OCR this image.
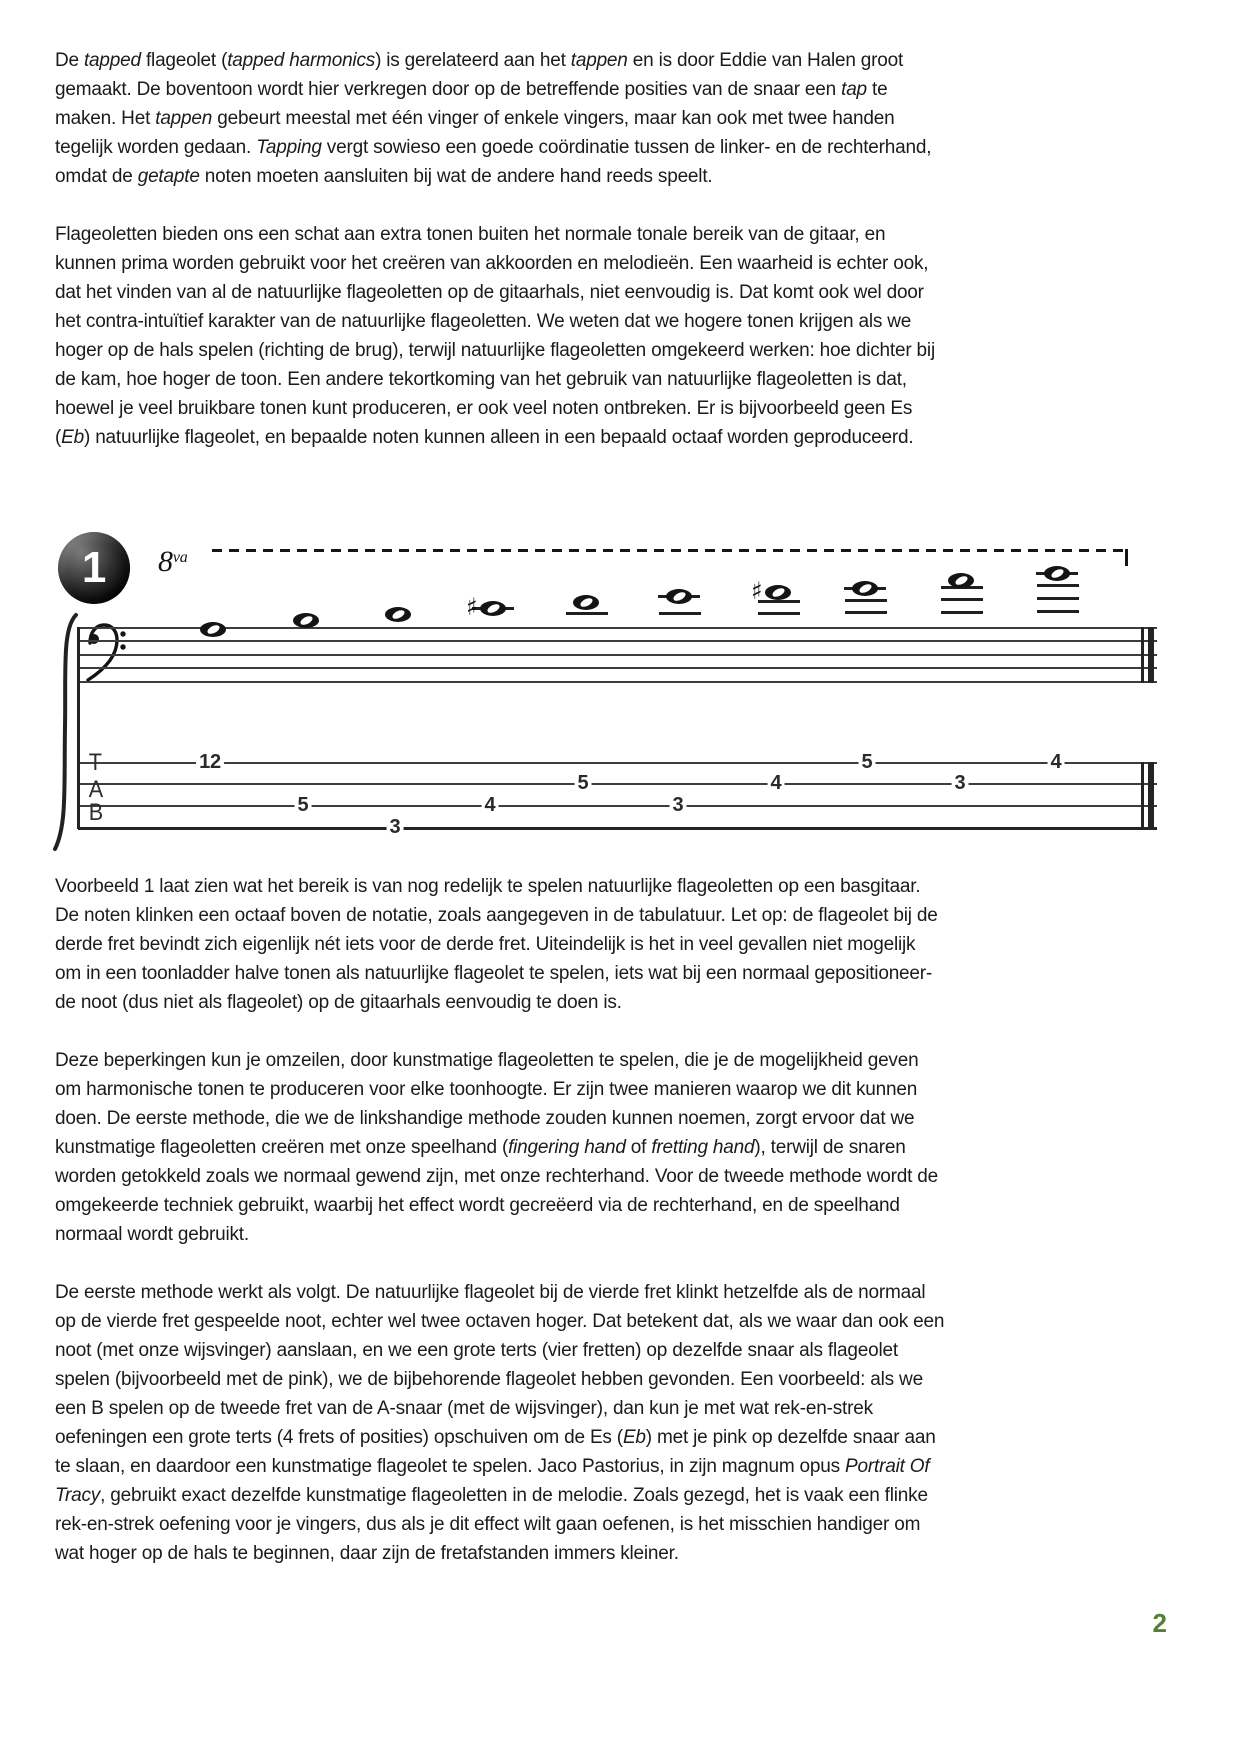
De tapped flageolet (tapped harmonics) is gerelateerd aan het tappen en is door Eddie van Halen groot
gemaakt. De boventoon wordt hier verkregen door op de betreffende posities van de snaar een tap te
maken. Het tappen gebeurt meestal met één vinger of enkele vingers, maar kan ook met twee handen
tegelijk worden gedaan. Tapping vergt sowieso een goede coördinatie tussen de linker- en de rechterhand,
omdat de getapte noten moeten aansluiten bij wat de andere hand reeds speelt.
Flageoletten bieden ons een schat aan extra tonen buiten het normale tonale bereik van de gitaar, en
kunnen prima worden gebruikt voor het creëren van akkoorden en melodieën. Een waarheid is echter ook,
dat het vinden van al de natuurlijke flageoletten op de gitaarhals, niet eenvoudig is. Dat komt ook wel door
het contra-intuïtief karakter van de natuurlijke flageoletten. We weten dat we hogere tonen krijgen als we
hoger op de hals spelen (richting de brug), terwijl natuurlijke flageoletten omgekeerd werken: hoe dichter bij
de kam, hoe hoger de toon. Een andere tekortkoming van het gebruik van natuurlijke flageoletten is dat,
hoewel je veel bruikbare tonen kunt produceren, er ook veel noten ontbreken. Er is bijvoorbeeld geen Es
(Eb) natuurlijke flageolet, en bepaalde noten kunnen alleen in een bepaald octaaf worden geproduceerd.
1	$8^{va}$
♯
♯
12
5
3
4
5
3
4
5
3
4
T
A
B
Voorbeeld 1 laat zien wat het bereik is van nog redelijk te spelen natuurlijke flageoletten op een basgitaar.
De noten klinken een octaaf boven de notatie, zoals aangegeven in de tabulatuur. Let op: de flageolet bij de
derde fret bevindt zich eigenlijk nét iets voor de derde fret. Uiteindelijk is het in veel gevallen niet mogelijk
om in een toonladder halve tonen als natuurlijke flageolet te spelen, iets wat bij een normaal gepositioneer-
de noot (dus niet als flageolet) op de gitaarhals eenvoudig te doen is.
Deze beperkingen kun je omzeilen, door kunstmatige flageoletten te spelen, die je de mogelijkheid geven
om harmonische tonen te produceren voor elke toonhoogte. Er zijn twee manieren waarop we dit kunnen
doen. De eerste methode, die we de linkshandige methode zouden kunnen noemen, zorgt ervoor dat we
kunstmatige flageoletten creëren met onze speelhand (fingering hand of fretting hand), terwijl de snaren
worden getokkeld zoals we normaal gewend zijn, met onze rechterhand. Voor de tweede methode wordt de
omgekeerde techniek gebruikt, waarbij het effect wordt gecreëerd via de rechterhand, en de speelhand
normaal wordt gebruikt.
De eerste methode werkt als volgt. De natuurlijke flageolet bij de vierde fret klinkt hetzelfde als de normaal
op de vierde fret gespeelde noot, echter wel twee octaven hoger. Dat betekent dat, als we waar dan ook een
noot (met onze wijsvinger) aanslaan, en we een grote terts (vier fretten) op dezelfde snaar als flageolet
spelen (bijvoorbeeld met de pink), we de bijbehorende flageolet hebben gevonden. Een voorbeeld: als we
een B spelen op de tweede fret van de A-snaar (met de wijsvinger), dan kun je met wat rek-en-strek
oefeningen een grote terts (4 frets of posities) opschuiven om de Es (Eb) met je pink op dezelfde snaar aan
te slaan, en daardoor een kunstmatige flageolet te spelen. Jaco Pastorius, in zijn magnum opus Portrait Of
Tracy, gebruikt exact dezelfde kunstmatige flageoletten in de melodie. Zoals gezegd, het is vaak een flinke
rek-en-strek oefening voor je vingers, dus als je dit effect wilt gaan oefenen, is het misschien handiger om
wat hoger op de hals te beginnen, daar zijn de fretafstanden immers kleiner.
2
